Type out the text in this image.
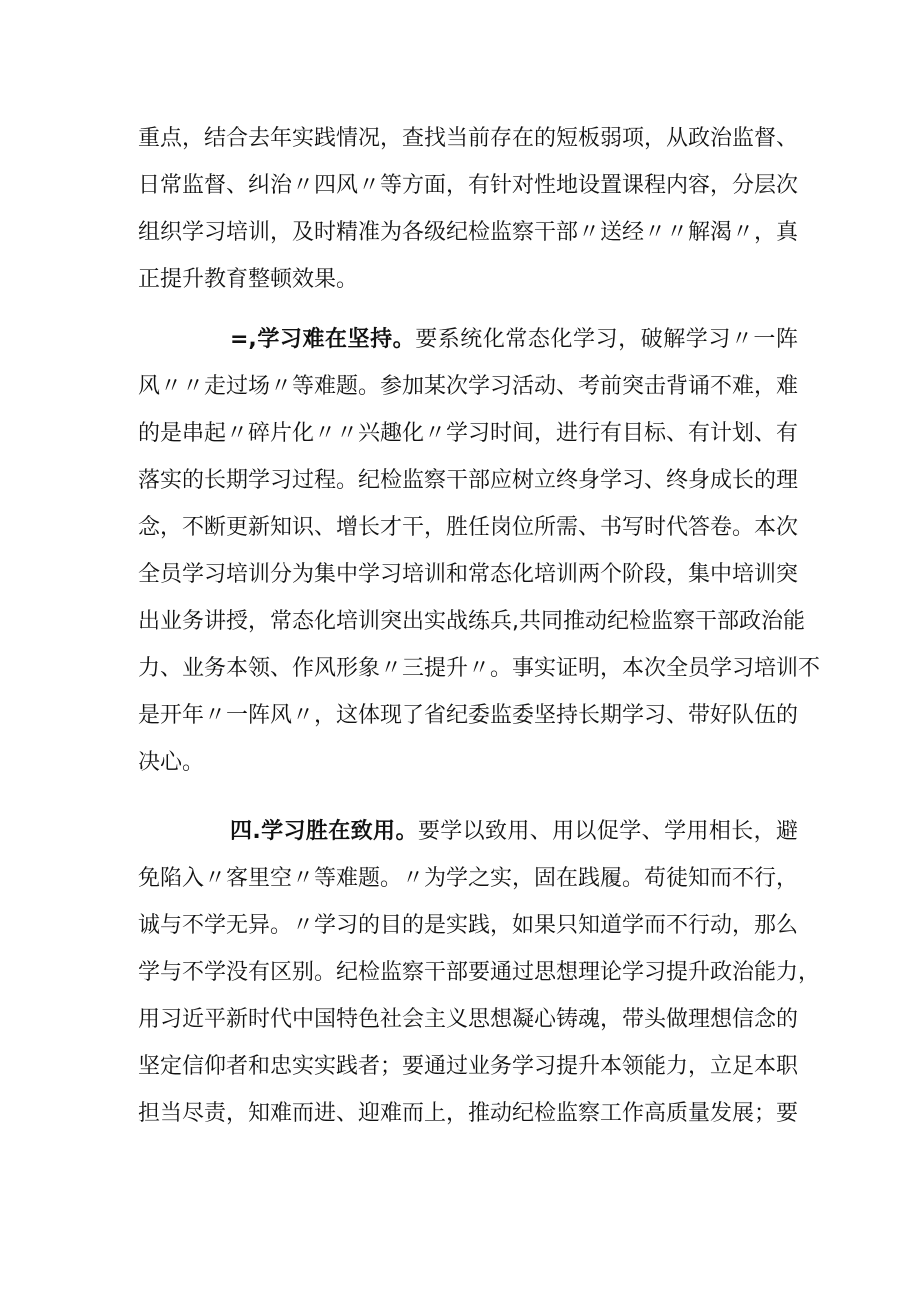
重点，结合去年实践情况，查找当前存在的短板弱项，从政治监督、
日常监督、纠治〃四风〃等方面，有针对性地设置课程内容，分层次
组织学习培训，及时精准为各级纪检监察干部〃送经〃〃解渴〃，真
正提升教育整顿效果。
=,学习难在坚持。要系统化常态化学习，破解学习〃一阵
风〃〃走过场〃等难题。参加某次学习活动、考前突击背诵不难，难
的是串起〃碎片化〃〃兴趣化〃学习时间，进行有目标、有计划、有
落实的长期学习过程。纪检监察干部应树立终身学习、终身成长的理
念，不断更新知识、增长才干，胜任岗位所需、书写时代答卷。本次
全员学习培训分为集中学习培训和常态化培训两个阶段，集中培训突
出业务讲授，常态化培训突出实战练兵,共同推动纪检监察干部政治能
力、业务本领、作风形象〃三提升〃。事实证明，本次全员学习培训不
是开年〃一阵风〃，这体现了省纪委监委坚持长期学习、带好队伍的
决心。
四.学习胜在致用。要学以致用、用以促学、学用相长，避
免陷入〃客里空〃等难题。〃为学之实，固在践履。苟徒知而不行，
诚与不学无异。〃学习的目的是实践，如果只知道学而不行动，那么
学与不学没有区别。纪检监察干部要通过思想理论学习提升政治能力，
用习近平新时代中国特色社会主义思想凝心铸魂，带头做理想信念的
坚定信仰者和忠实实践者；要通过业务学习提升本领能力，立足本职
担当尽责，知难而进、迎难而上，推动纪检监察工作高质量发展；要
